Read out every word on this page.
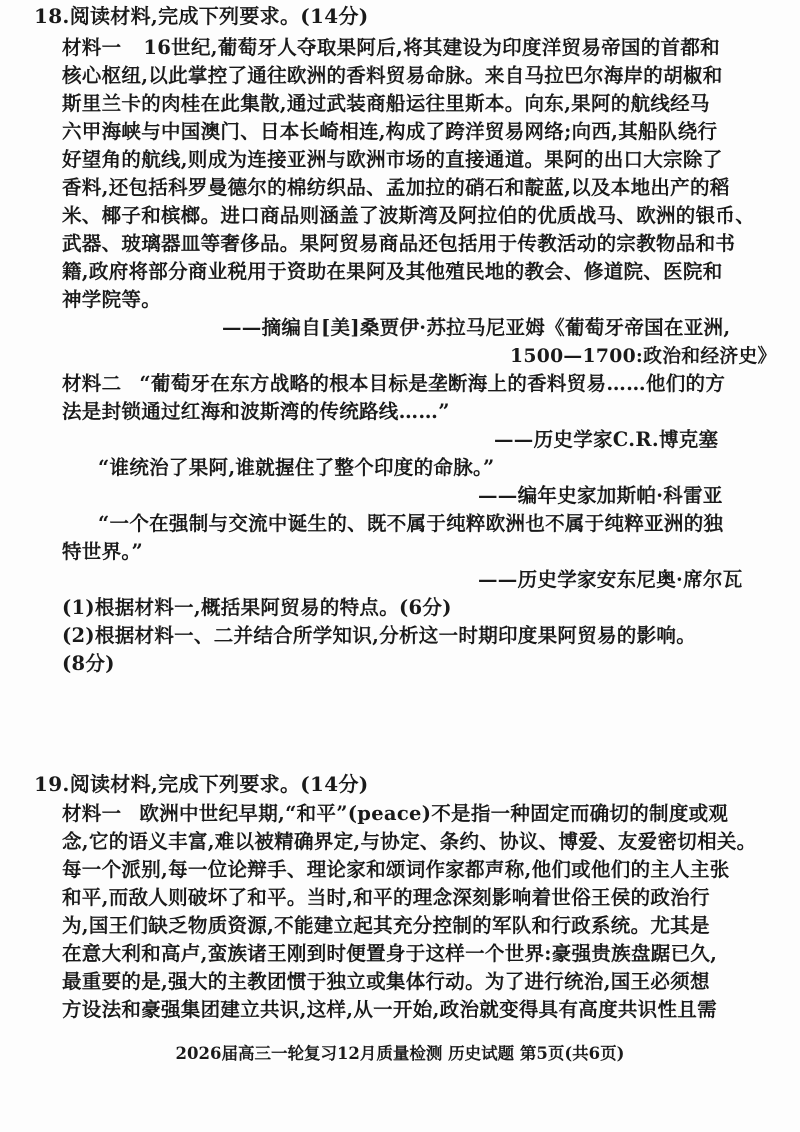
18.阅读材料,完成下列要求。(14分)
材料一 16世纪,葡萄牙人夺取果阿后,将其建设为印度洋贸易帝国的首都和
核心枢纽,以此掌控了通往欧洲的香料贸易命脉。来自马拉巴尔海岸的胡椒和
斯里兰卡的肉桂在此集散,通过武装商船运往里斯本。向东,果阿的航线经马
六甲海峡与中国澳门、日本长崎相连,构成了跨洋贸易网络;向西,其船队绕行
好望角的航线,则成为连接亚洲与欧洲市场的直接通道。果阿的出口大宗除了
香料,还包括科罗曼德尔的棉纺织品、孟加拉的硝石和靛蓝,以及本地出产的稻
米、椰子和槟榔。进口商品则涵盖了波斯湾及阿拉伯的优质战马、欧洲的银币、
武器、玻璃器皿等奢侈品。果阿贸易商品还包括用于传教活动的宗教物品和书
籍,政府将部分商业税用于资助在果阿及其他殖民地的教会、修道院、医院和
神学院等。
——摘编自[美]桑贾伊·苏拉马尼亚姆《葡萄牙帝国在亚洲,
1500—1700:政治和经济史》
材料二 “葡萄牙在东方战略的根本目标是垄断海上的香料贸易……他们的方
法是封锁通过红海和波斯湾的传统路线……”
——历史学家C.R.博克塞
“谁统治了果阿,谁就握住了整个印度的命脉。”
——编年史家加斯帕·科雷亚
“一个在强制与交流中诞生的、既不属于纯粹欧洲也不属于纯粹亚洲的独
特世界。”
——历史学家安东尼奥·席尔瓦
(1)根据材料一,概括果阿贸易的特点。(6分)
(2)根据材料一、二并结合所学知识,分析这一时期印度果阿贸易的影响。
(8分)
19.阅读材料,完成下列要求。(14分)
材料一 欧洲中世纪早期,“和平”(peace)不是指一种固定而确切的制度或观
念,它的语义丰富,难以被精确界定,与协定、条约、协议、博爱、友爱密切相关。
每一个派别,每一位论辩手、理论家和颂词作家都声称,他们或他们的主人主张
和平,而敌人则破坏了和平。当时,和平的理念深刻影响着世俗王侯的政治行
为,国王们缺乏物质资源,不能建立起其充分控制的军队和行政系统。尤其是
在意大利和高卢,蛮族诸王刚到时便置身于这样一个世界:豪强贵族盘踞已久,
最重要的是,强大的主教团惯于独立或集体行动。为了进行统治,国王必须想
方设法和豪强集团建立共识,这样,从一开始,政治就变得具有高度共识性且需
2026届高三一轮复习12月质量检测 历史试题 第5页(共6页)
